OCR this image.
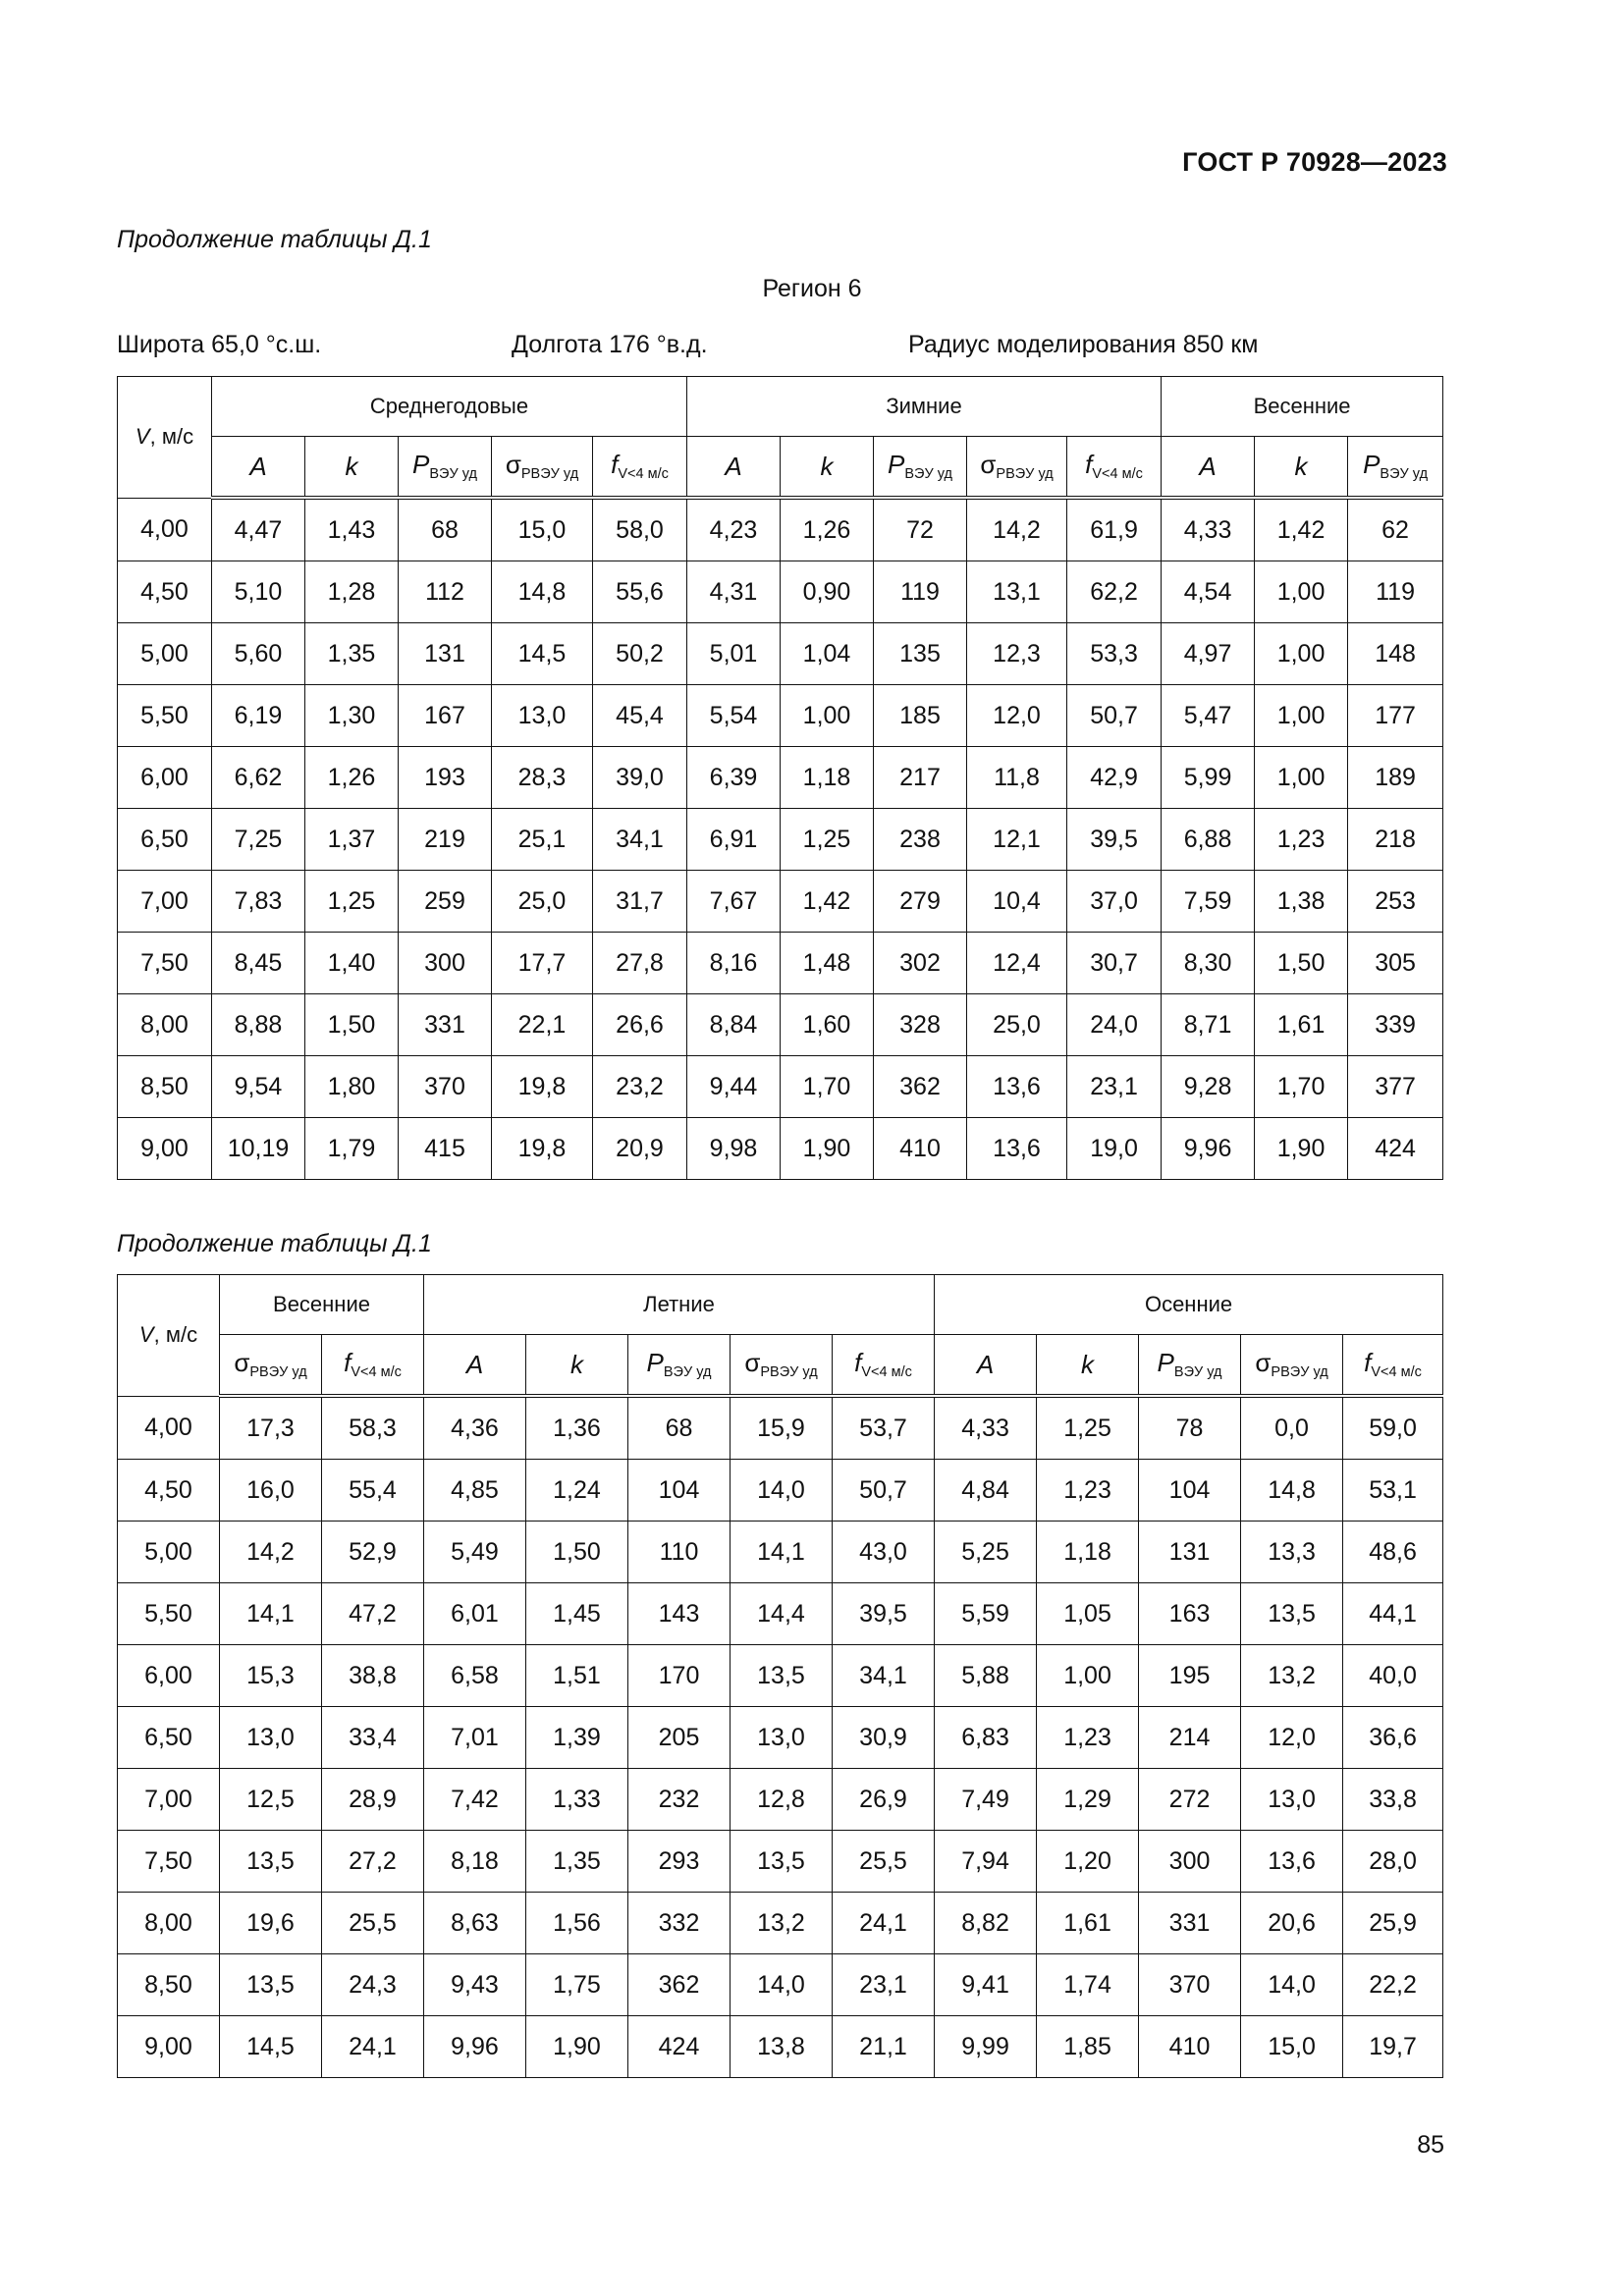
ГОСТ Р 70928—2023
Продолжение таблицы Д.1
Регион 6
Широта 65,0 °с.ш.	Долгота 176 °в.д.	Радиус моделирования 850 км
V, м/с	Среднегодовые					Зимние					Весенние		
	A	k	$P_{ВЭУ уд}$	$\sigma_{PВЭУ уд}$	$f_{V<4 м/с}$	A	k	$P_{ВЭУ уд}$	$\sigma_{PВЭУ уд}$	$f_{V<4 м/с}$	A	k	$P_{ВЭУ уд}$
4,00	4,47	1,43	68	15,0	58,0	4,23	1,26	72	14,2	61,9	4,33	1,42	62
4,50	5,10	1,28	112	14,8	55,6	4,31	0,90	119	13,1	62,2	4,54	1,00	119
5,00	5,60	1,35	131	14,5	50,2	5,01	1,04	135	12,3	53,3	4,97	1,00	148
5,50	6,19	1,30	167	13,0	45,4	5,54	1,00	185	12,0	50,7	5,47	1,00	177
6,00	6,62	1,26	193	28,3	39,0	6,39	1,18	217	11,8	42,9	5,99	1,00	189
6,50	7,25	1,37	219	25,1	34,1	6,91	1,25	238	12,1	39,5	6,88	1,23	218
7,00	7,83	1,25	259	25,0	31,7	7,67	1,42	279	10,4	37,0	7,59	1,38	253
7,50	8,45	1,40	300	17,7	27,8	8,16	1,48	302	12,4	30,7	8,30	1,50	305
8,00	8,88	1,50	331	22,1	26,6	8,84	1,60	328	25,0	24,0	8,71	1,61	339
8,50	9,54	1,80	370	19,8	23,2	9,44	1,70	362	13,6	23,1	9,28	1,70	377
9,00	10,19	1,79	415	19,8	20,9	9,98	1,90	410	13,6	19,0	9,96	1,90	424
Продолжение таблицы Д.1
V, м/с	Весенние		Летние					Осенние				
	$\sigma_{PВЭУ уд}$	$f_{V<4 м/с}$	A	k	$P_{ВЭУ уд}$	$\sigma_{PВЭУ уд}$	$f_{V<4 м/с}$	A	k	$P_{ВЭУ уд}$	$\sigma_{PВЭУ уд}$	$f_{V<4 м/с}$
4,00	17,3	58,3	4,36	1,36	68	15,9	53,7	4,33	1,25	78	0,0	59,0
4,50	16,0	55,4	4,85	1,24	104	14,0	50,7	4,84	1,23	104	14,8	53,1
5,00	14,2	52,9	5,49	1,50	110	14,1	43,0	5,25	1,18	131	13,3	48,6
5,50	14,1	47,2	6,01	1,45	143	14,4	39,5	5,59	1,05	163	13,5	44,1
6,00	15,3	38,8	6,58	1,51	170	13,5	34,1	5,88	1,00	195	13,2	40,0
6,50	13,0	33,4	7,01	1,39	205	13,0	30,9	6,83	1,23	214	12,0	36,6
7,00	12,5	28,9	7,42	1,33	232	12,8	26,9	7,49	1,29	272	13,0	33,8
7,50	13,5	27,2	8,18	1,35	293	13,5	25,5	7,94	1,20	300	13,6	28,0
8,00	19,6	25,5	8,63	1,56	332	13,2	24,1	8,82	1,61	331	20,6	25,9
8,50	13,5	24,3	9,43	1,75	362	14,0	23,1	9,41	1,74	370	14,0	22,2
9,00	14,5	24,1	9,96	1,90	424	13,8	21,1	9,99	1,85	410	15,0	19,7
85
